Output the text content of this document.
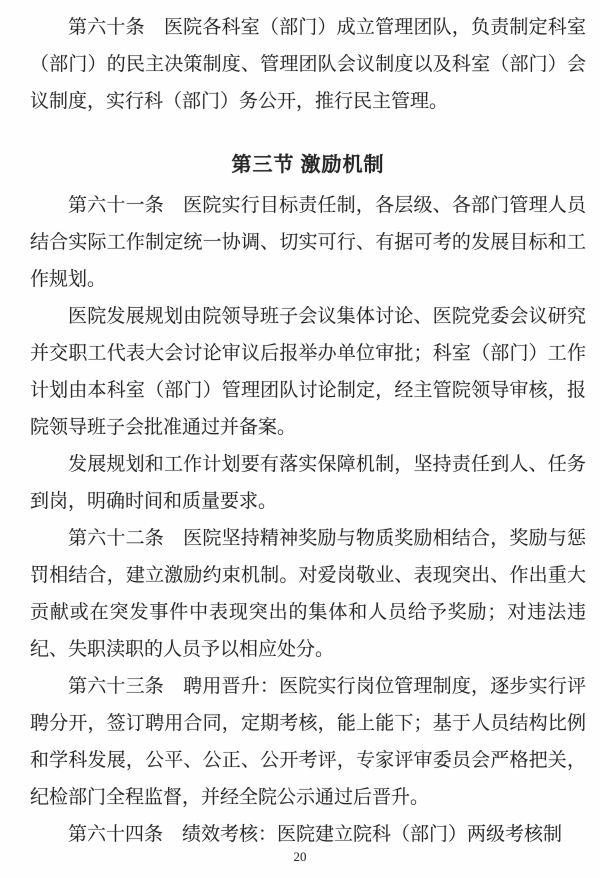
第六十条　医院各科室（部门）成立管理团队，负责制定科室（部门）的民主决策制度、管理团队会议制度以及科室（部门）会议制度，实行科（部门）务公开，推行民主管理。

第三节 激励机制

第六十一条　医院实行目标责任制，各层级、各部门管理人员结合实际工作制定统一协调、切实可行、有据可考的发展目标和工作规划。

医院发展规划由院领导班子会议集体讨论、医院党委会议研究并交职工代表大会讨论审议后报举办单位审批；科室（部门）工作计划由本科室（部门）管理团队讨论制定，经主管院领导审核，报院领导班子会批准通过并备案。

发展规划和工作计划要有落实保障机制，坚持责任到人、任务到岗，明确时间和质量要求。

第六十二条　医院坚持精神奖励与物质奖励相结合，奖励与惩罚相结合，建立激励约束机制。对爱岗敬业、表现突出、作出重大贡献或在突发事件中表现突出的集体和人员给予奖励；对违法违纪、失职渎职的人员予以相应处分。

第六十三条　聘用晋升：医院实行岗位管理制度，逐步实行评聘分开，签订聘用合同，定期考核，能上能下；基于人员结构比例和学科发展，公平、公正、公开考评，专家评审委员会严格把关，纪检部门全程监督，并经全院公示通过后晋升。

第六十四条　绩效考核：医院建立院科（部门）两级考核制

20
